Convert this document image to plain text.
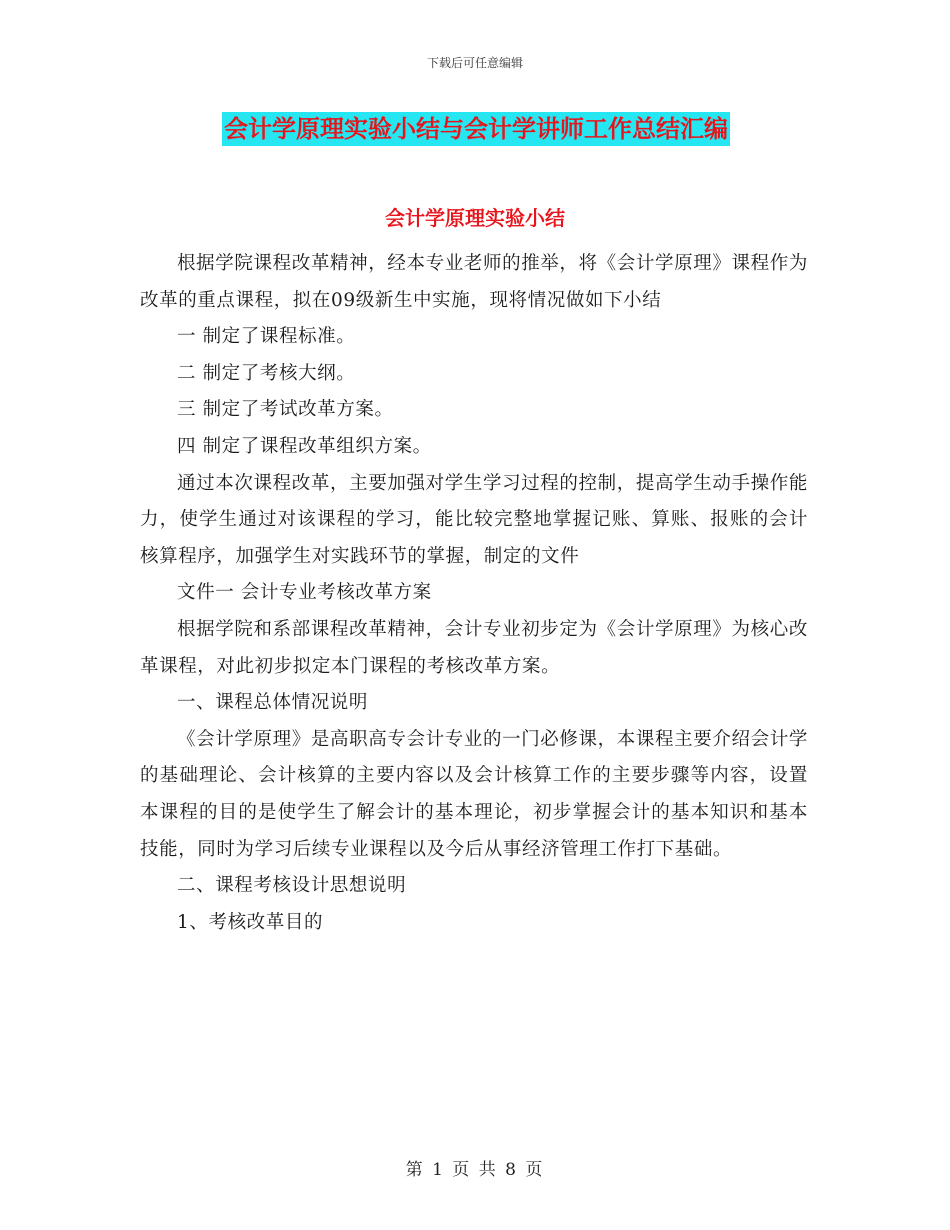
下载后可任意编辑
会计学原理实验小结与会计学讲师工作总结汇编
会计学原理实验小结

根据学院课程改革精神，经本专业老师的推举，将《会计学原理》课程作为改革的重点课程，拟在09级新生中实施，现将情况做如下小结

一 制定了课程标准。

二 制定了考核大纲。

三 制定了考试改革方案。

四 制定了课程改革组织方案。

通过本次课程改革，主要加强对学生学习过程的控制，提高学生动手操作能力，使学生通过对该课程的学习，能比较完整地掌握记账、算账、报账的会计核算程序，加强学生对实践环节的掌握，制定的文件

文件一 会计专业考核改革方案

根据学院和系部课程改革精神，会计专业初步定为《会计学原理》为核心改革课程，对此初步拟定本门课程的考核改革方案。

一、课程总体情况说明

《会计学原理》是高职高专会计专业的一门必修课，本课程主要介绍会计学的基础理论、会计核算的主要内容以及会计核算工作的主要步骤等内容，设置本课程的目的是使学生了解会计的基本理论，初步掌握会计的基本知识和基本技能，同时为学习后续专业课程以及今后从事经济管理工作打下基础。

二、课程考核设计思想说明

1、考核改革目的

第 1 页 共 8 页
